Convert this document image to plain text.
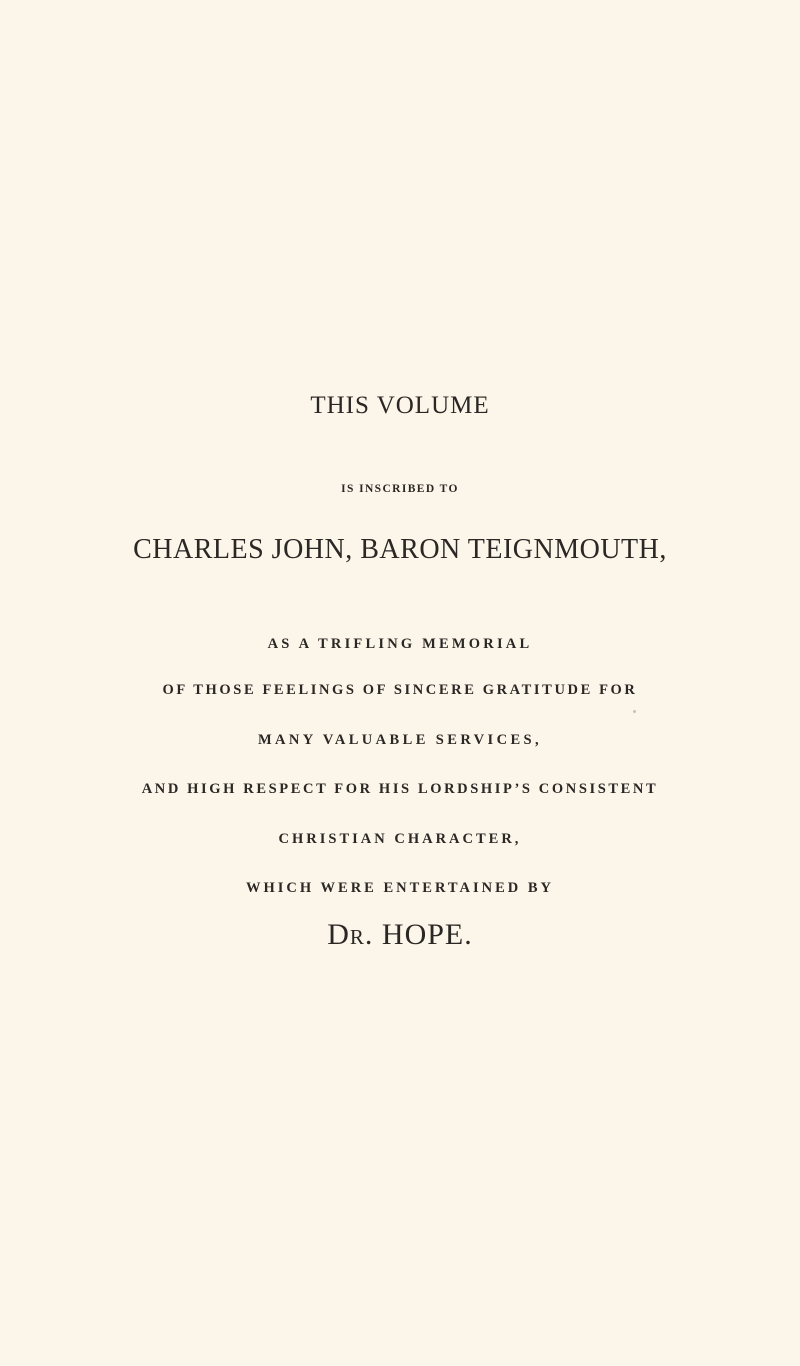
THIS VOLUME
IS INSCRIBED TO
CHARLES JOHN, BARON TEIGNMOUTH,
AS A TRIFLING MEMORIAL
OF THOSE FEELINGS OF SINCERE GRATITUDE FOR
MANY VALUABLE SERVICES,
AND HIGH RESPECT FOR HIS LORDSHIP’S CONSISTENT
CHRISTIAN CHARACTER,
WHICH WERE ENTERTAINED BY
Dr. HOPE.
